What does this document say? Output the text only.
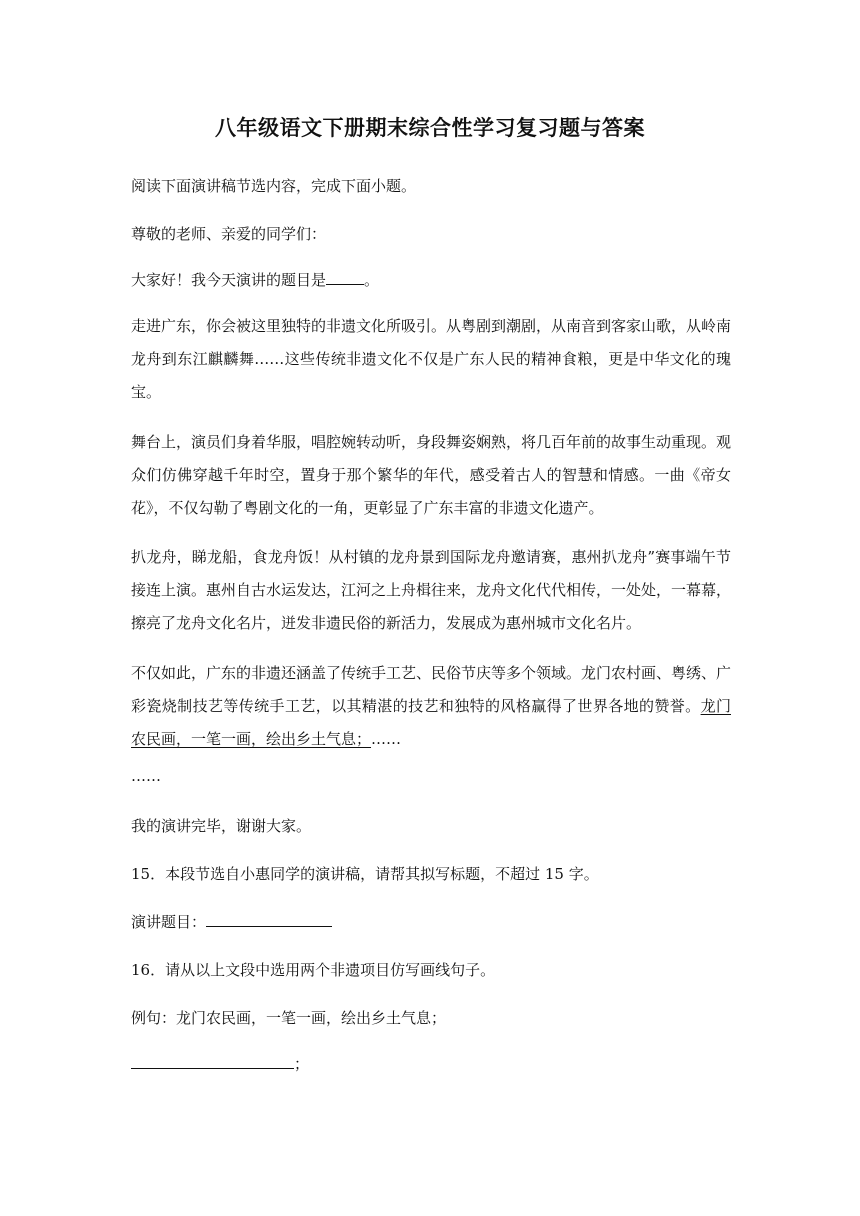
八年级语文下册期末综合性学习复习题与答案
阅读下面演讲稿节选内容，完成下面小题。
尊敬的老师、亲爱的同学们：
大家好！我今天演讲的题目是	。
走进广东，你会被这里独特的非遗文化所吸引。从粤剧到潮剧，从南音到客家山歌，从岭南龙舟到东江麒麟舞……这些传统非遗文化不仅是广东人民的精神食粮，更是中华文化的瑰宝。
舞台上，演员们身着华服，唱腔婉转动听，身段舞姿娴熟，将几百年前的故事生动重现。观众们仿佛穿越千年时空，置身于那个繁华的年代，感受着古人的智慧和情感。一曲《帝女花》，不仅勾勒了粤剧文化的一角，更彰显了广东丰富的非遗文化遗产。
扒龙舟，睇龙船，食龙舟饭！从村镇的龙舟景到国际龙舟邀请赛，惠州扒龙舟”赛事端午节接连上演。惠州自古水运发达，江河之上舟楫往来，龙舟文化代代相传，一处处，一幕幕，擦亮了龙舟文化名片，迸发非遗民俗的新活力，发展成为惠州城市文化名片。
不仅如此，广东的非遗还涵盖了传统手工艺、民俗节庆等多个领域。龙门农村画、粤绣、广彩瓷烧制技艺等传统手工艺，以其精湛的技艺和独特的风格赢得了世界各地的赞誉。龙门农民画，一笔一画，绘出乡土气息；……
……
我的演讲完毕，谢谢大家。
15．本段节选自小惠同学的演讲稿，请帮其拟写标题，不超过 15 字。
演讲题目：
16．请从以上文段中选用两个非遗项目仿写画线句子。
例句：龙门农民画，一笔一画，绘出乡土气息；
；
